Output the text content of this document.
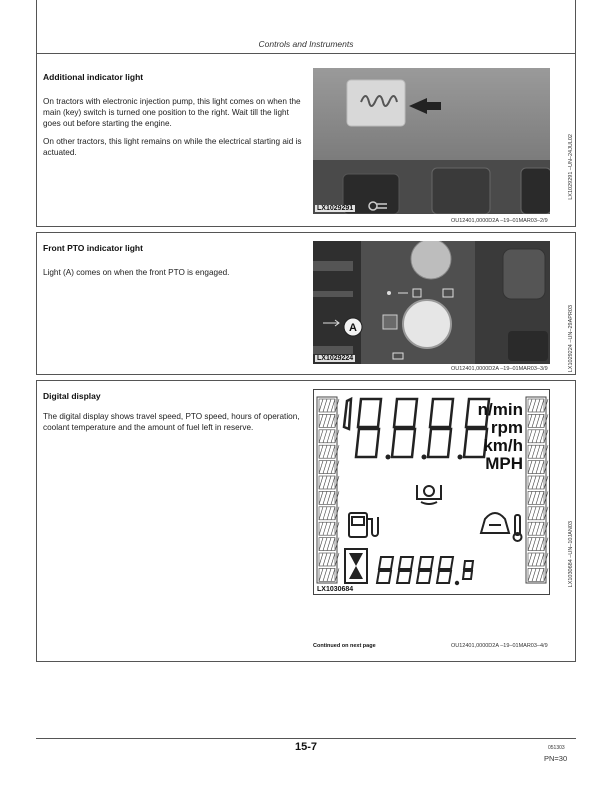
Controls and Instruments
Additional indicator light

On tractors with electronic injection pump, this light comes on when the main (key) switch is turned one position to the right. Wait till the light goes out before starting the engine.

On other tractors, this light remains on while the electrical starting aid is actuated.

LX1029291
LX1029291 –UN–24JUL02
OU12401,0000D2A –19–01MAR03–2/9
Front PTO indicator light

Light (A) comes on when the front PTO is engaged.

A
LX1029224	LX1029224 –UN–29APR03
OU12401,0000D2A –19–01MAR03–3/9
Digital display

The digital display shows travel speed, PTO speed, hours of operation, coolant temperature and the amount of fuel left in reserve.

n/min
rpm
km/h
MPH
LX1030684
LX1030684 –UN–10JAN03
Continued on next page	OU12401,0000D2A –19–01MAR03–4/9
15-7	051303
PN=30
